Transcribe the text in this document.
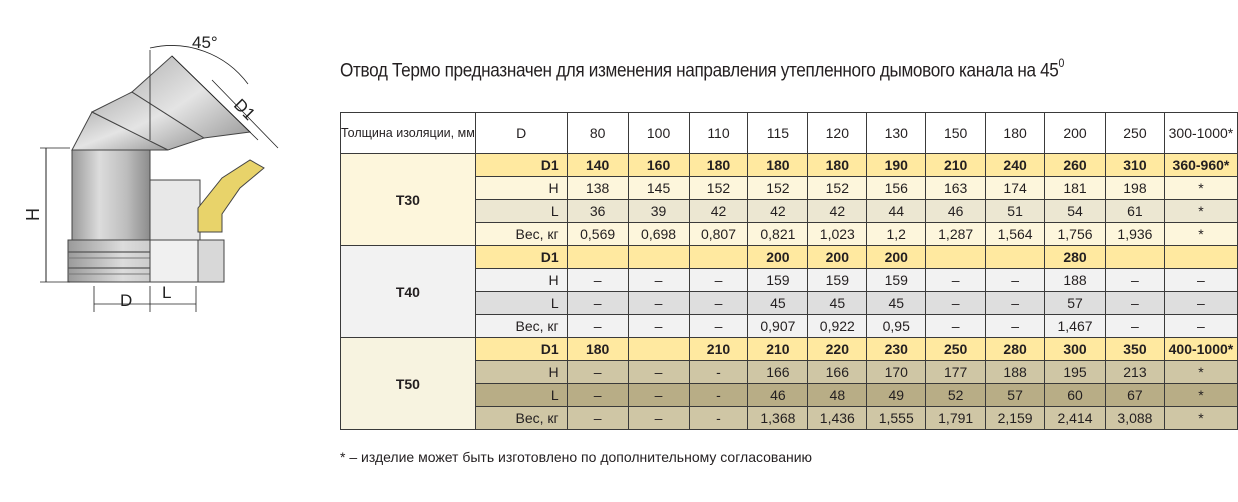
H
D L
45°
D1
Отвод Термо предназначен для изменения направления утепленного дымового канала на $45^0$
Толщина изоляции, мм	D	80	100	110	115	120	130	150	180	200	250	300-1000*
Т30	D1	140	160	180	180	180	190	210	240	260	310	360-960*
	H	138	145	152	152	152	156	163	174	181	198	*
	L	36	39	42	42	42	44	46	51	54	61	*
	Вес, кг	0,569	0,698	0,807	0,821	1,023	1,2	1,287	1,564	1,756	1,936	*
Т40	D1				200	200	200			280		
	H	–	–	–	159	159	159	–	–	188	–	–
	L	–	–	–	45	45	45	–	–	57	–	–
	Вес, кг	–	–	–	0,907	0,922	0,95	–	–	1,467	–	–
Т50	D1	180		210	210	220	230	250	280	300	350	400-1000*
	H	–	–	-	166	166	170	177	188	195	213	*
	L	–	–	-	46	48	49	52	57	60	67	*
	Вес, кг	–	–	-	1,368	1,436	1,555	1,791	2,159	2,414	3,088	*
* – изделие может быть изготовлено по дополнительному согласованию
